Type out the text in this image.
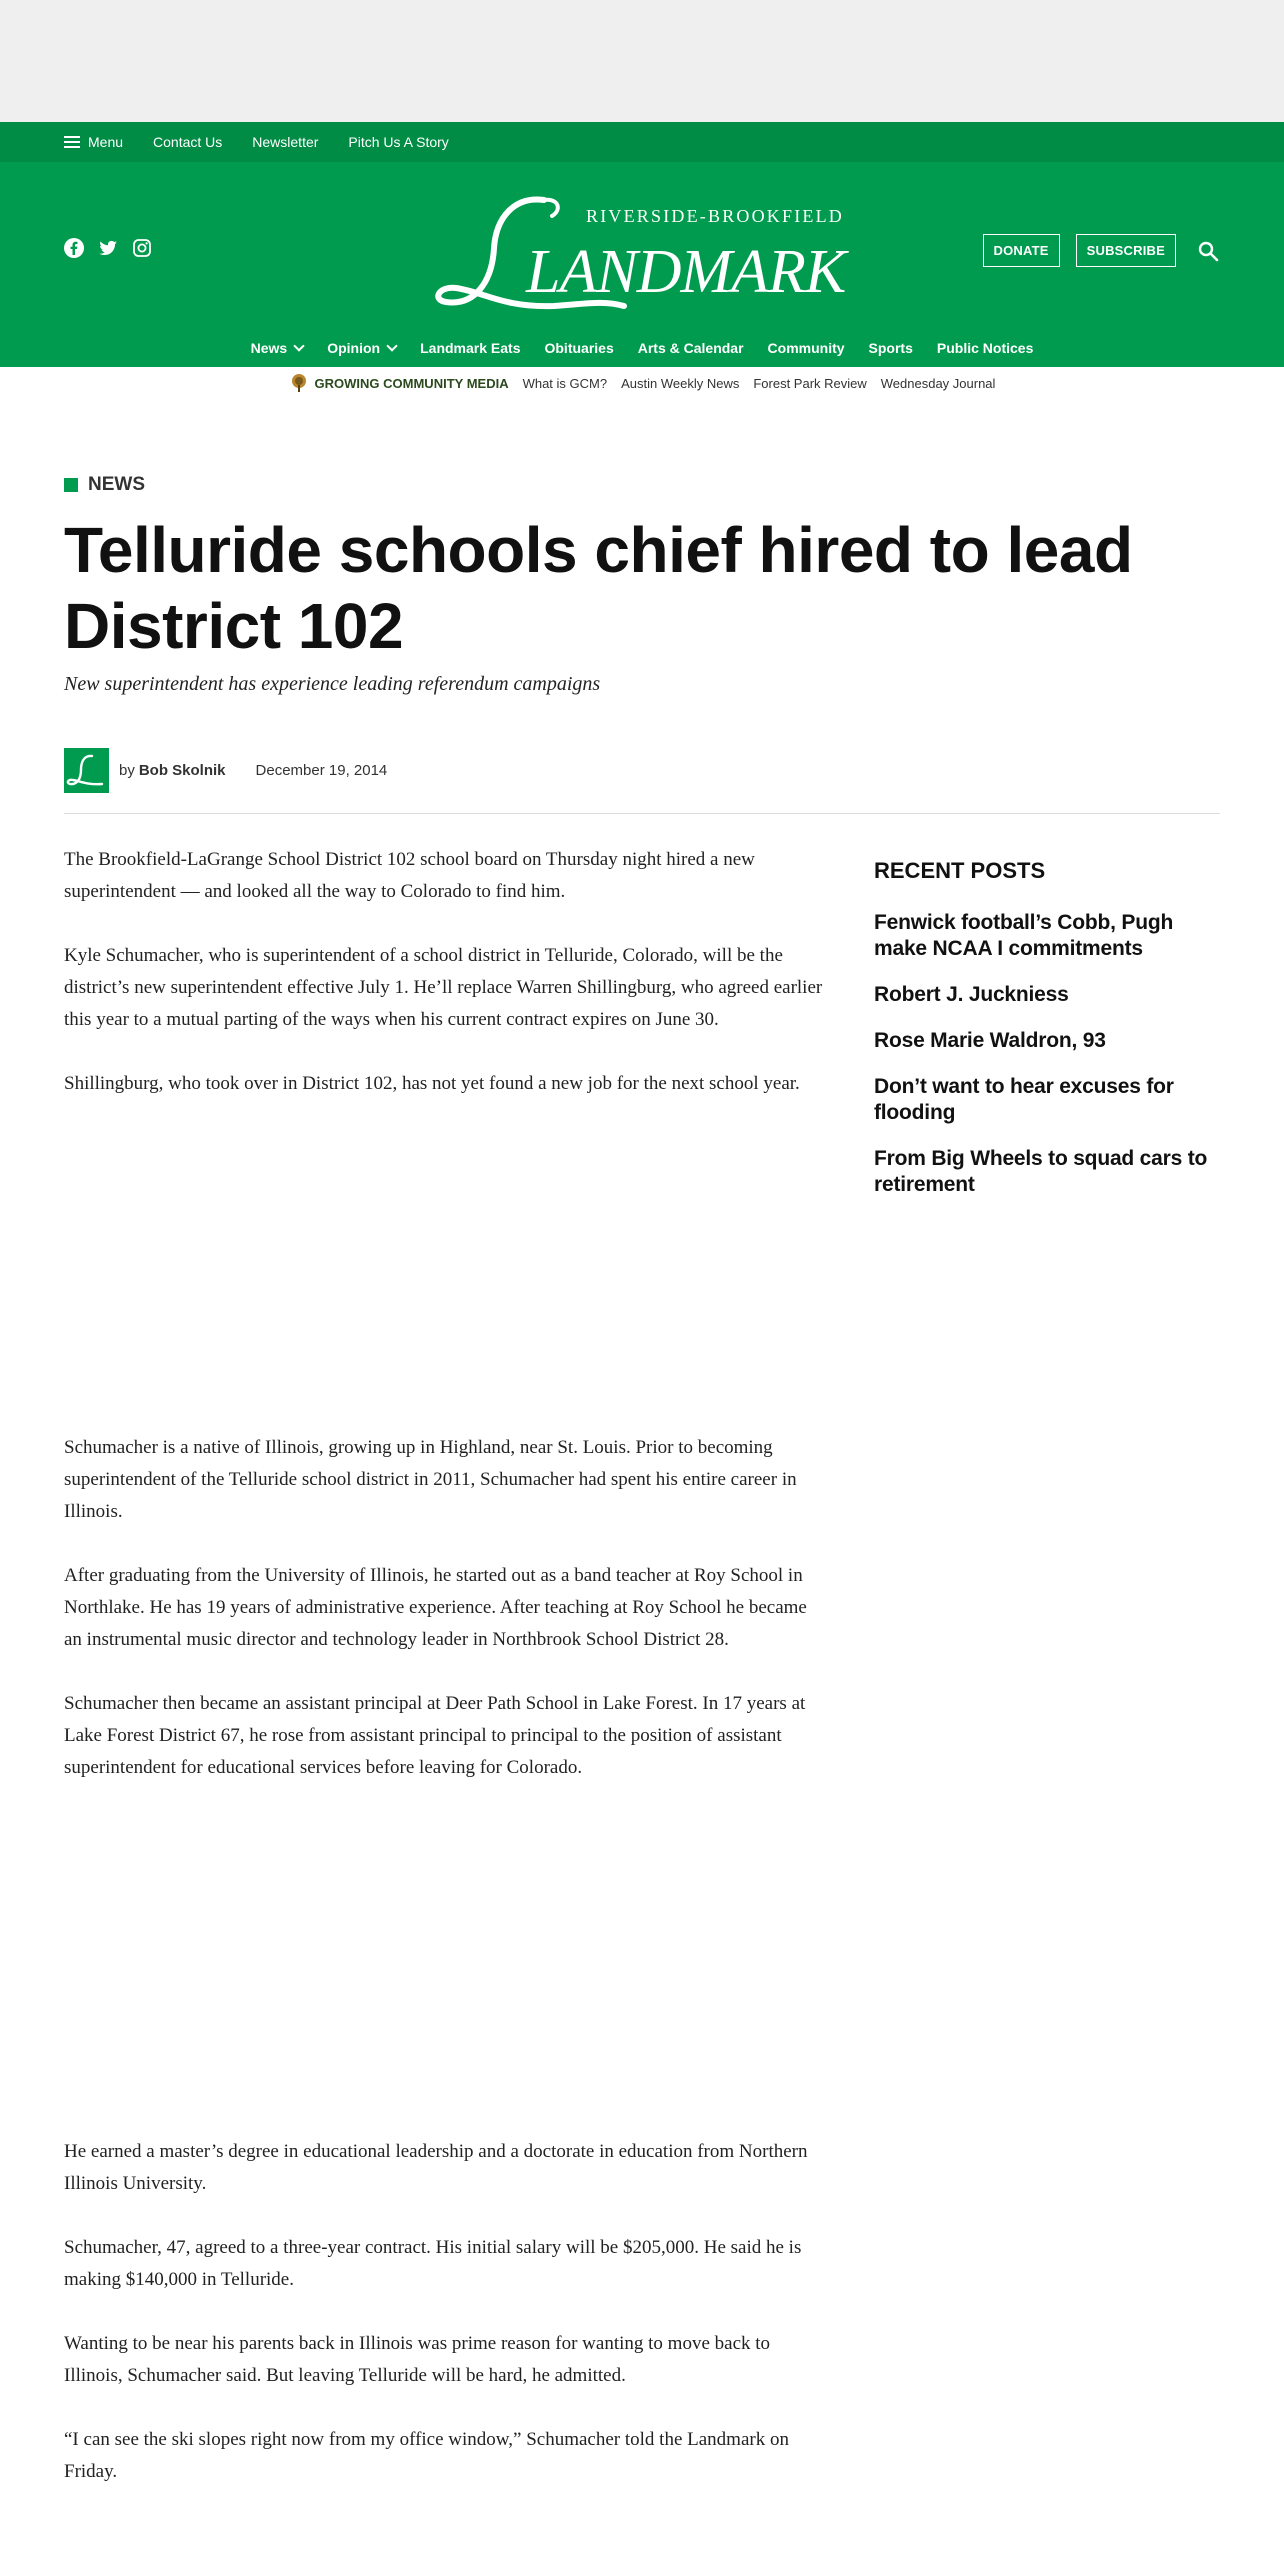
Menu Contact Us Newsletter Pitch Us A Story
RIVERSIDE-BROOKFIELD
LANDMARK	DONATE	SUBSCRIBE
News	Opinion	Landmark Eats Obituaries Arts & Calendar Community Sports Public Notices
GROWING COMMUNITY MEDIA What is GCM? Austin Weekly News Forest Park Review Wednesday Journal
NEWS
Telluride schools chief hired to lead District 102
New superintendent has experience leading referendum campaigns
by Bob Skolnik December 19, 2014

The Brookfield-LaGrange School District 102 school board on Thursday night hired a new superintendent — and looked all the way to Colorado to find him.

Kyle Schumacher, who is superintendent of a school district in Telluride, Colorado, will be the district’s new superintendent effective July 1. He’ll replace Warren Shillingburg, who agreed earlier this year to a mutual parting of the ways when his current contract expires on June 30.

Shillingburg, who took over in District 102, has not yet found a new job for the next school year.

Schumacher is a native of Illinois, growing up in Highland, near St. Louis. Prior to becoming superintendent of the Telluride school district in 2011, Schumacher had spent his entire career in Illinois.

After graduating from the University of Illinois, he started out as a band teacher at Roy School in Northlake. He has 19 years of administrative experience. After teaching at Roy School he became an instrumental music director and technology leader in Northbrook School District 28.

Schumacher then became an assistant principal at Deer Path School in Lake Forest. In 17 years at Lake Forest District 67, he rose from assistant principal to principal to the position of assistant superintendent for educational services before leaving for Colorado.

He earned a master’s degree in educational leadership and a doctorate in education from Northern Illinois University.

Schumacher, 47, agreed to a three-year contract. His initial salary will be $205,000. He said he is making $140,000 in Telluride.

Wanting to be near his parents back in Illinois was prime reason for wanting to move back to Illinois, Schumacher said. But leaving Telluride will be hard, he admitted.

“I can see the ski slopes right now from my office window,” Schumacher told the Landmark on Friday.

RECENT POSTS
Fenwick football’s Cobb, Pugh make NCAA I commitments
Robert J. Juckniess
Rose Marie Waldron, 93
Don’t want to hear excuses for flooding
From Big Wheels to squad cars to retirement
